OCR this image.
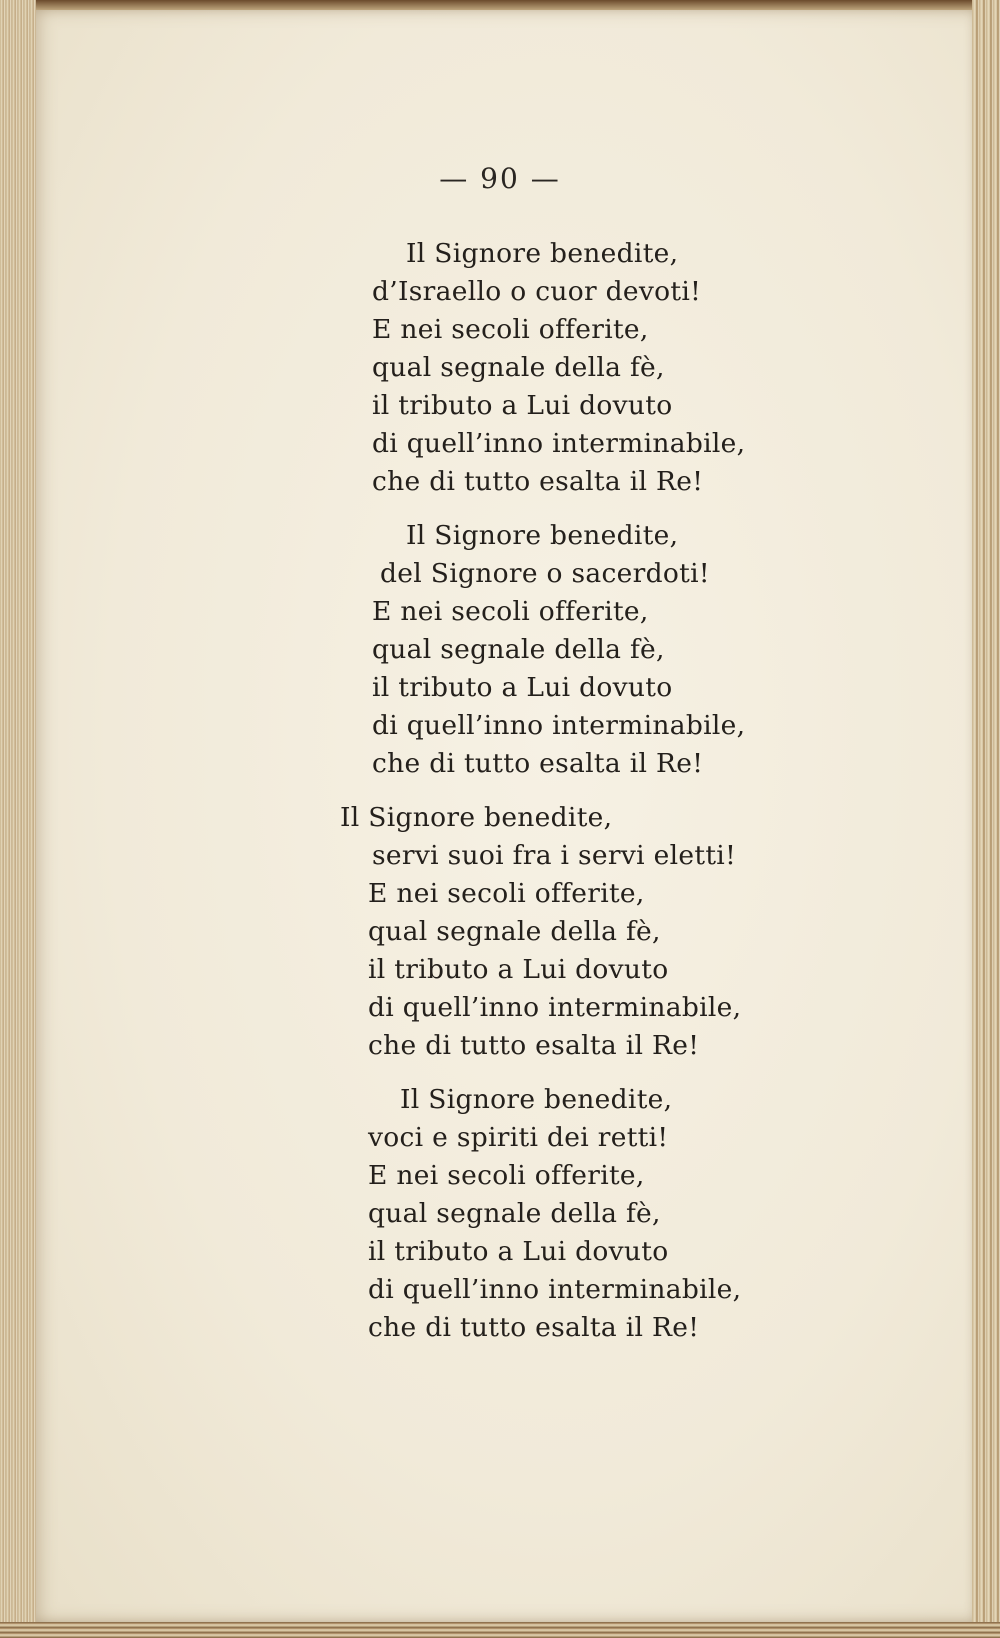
— 90 —
Il Signore benedite,
d’Israello o cuor devoti!
E nei secoli offerite,
qual segnale della fè,
il tributo a Lui dovuto
di quell’inno interminabile,
che di tutto esalta il Re!
Il Signore benedite,
del Signore o sacerdoti!
E nei secoli offerite,
qual segnale della fè,
il tributo a Lui dovuto
di quell’inno interminabile,
che di tutto esalta il Re!
Il Signore benedite,
servi suoi fra i servi eletti!
E nei secoli offerite,
qual segnale della fè,
il tributo a Lui dovuto
di quell’inno interminabile,
che di tutto esalta il Re!
Il Signore benedite,
voci e spiriti dei retti!
E nei secoli offerite,
qual segnale della fè,
il tributo a Lui dovuto
di quell’inno interminabile,
che di tutto esalta il Re!
